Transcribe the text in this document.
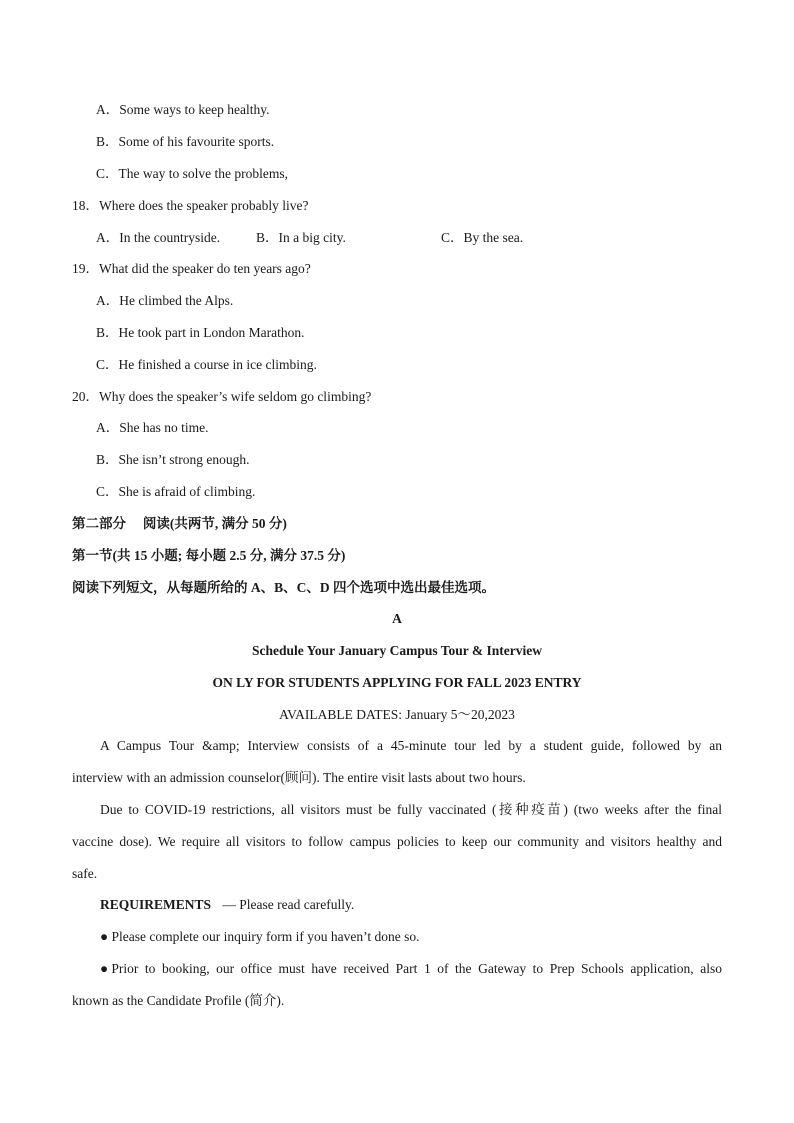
A．Some ways to keep healthy.
B．Some of his favourite sports.
C．The way to solve the problems,
18．Where does the speaker probably live?
A．In the countryside.	B．In a big city.	C．By the sea.
19．What did the speaker do ten years ago?
A．He climbed the Alps.
B．He took part in London Marathon.
C．He finished a course in ice climbing.
20．Why does the speaker’s wife seldom go climbing?
A．She has no time.
B．She isn’t strong enough.
C．She is afraid of climbing.
第二部分　 阅读(共两节, 满分 50 分)
第一节(共 15 小题; 每小题 2.5 分, 满分 37.5 分)
阅读下列短文，从每题所给的 A、B、C、D 四个选项中选出最佳选项。
A
Schedule Your January Campus Tour & Interview
ON LY FOR STUDENTS APPLYING FOR FALL 2023 ENTRY
AVAILABLE DATES: January 5～20,2023
A Campus Tour &amp; Interview consists of a 45-minute tour led by a student guide, followed by an
interview with an admission counselor(顾问). The entire visit lasts about two hours.
Due to COVID-19 restrictions, all visitors must be fully vaccinated (接种疫苗) (two weeks after the final
vaccine dose). We require all visitors to follow campus policies to keep our community and visitors healthy and
safe.
REQUIREMENTS — Please read carefully.
● Please complete our inquiry form if you haven’t done so.
●Prior to booking, our office must have received Part 1 of the Gateway to Prep Schools application, also
known as the Candidate Profile (简介).
